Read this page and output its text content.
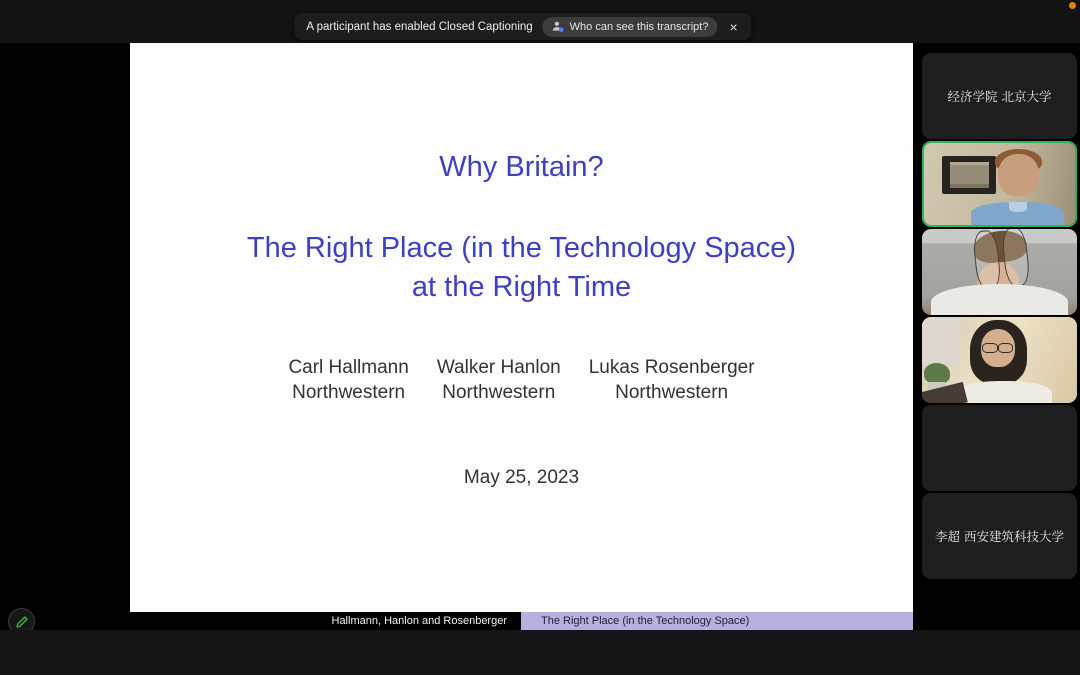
A participant has enabled Closed Captioning	Who can see this transcript? ×
Why Britain?
The Right Place (in the Technology Space)
at the Right Time
Carl Hallmann
Northwestern
Walker Hanlon
Northwestern
Lukas Rosenberger
Northwestern
May 25, 2023
Hallmann, Hanlon and Rosenberger	The Right Place (in the Technology Space)
经济学院 北京大学
李超 西安建筑科技大学
